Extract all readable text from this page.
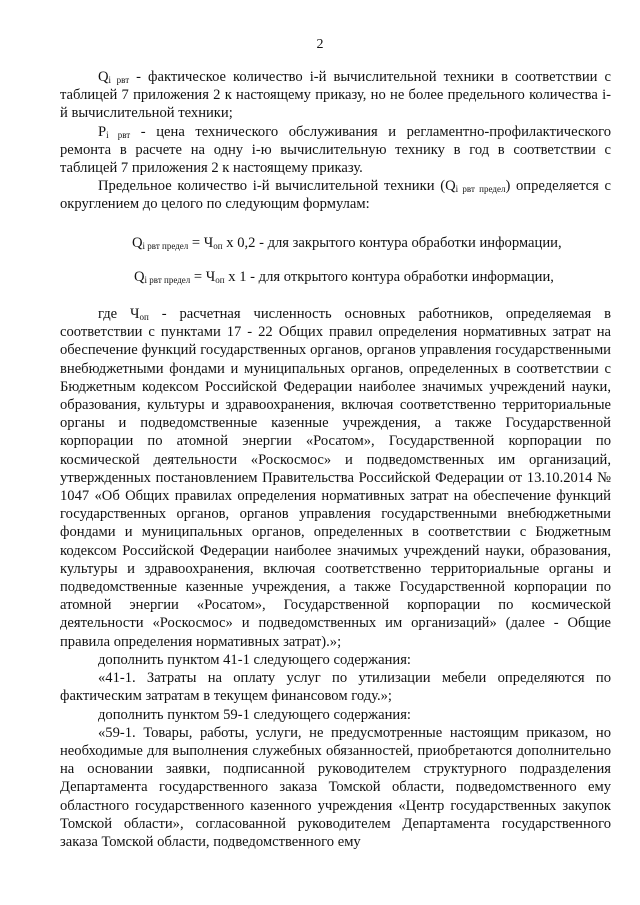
2

$Q_{i рвт}$ - фактическое количество i-й вычислительной техники в соответствии с таблицей 7 приложения 2 к настоящему приказу, но не более предельного количества i-й вычислительной техники;

$P_{i рвт}$ - цена технического обслуживания и регламентно-профилактического ремонта в расчете на одну i-ю вычислительную технику в год в соответствии с таблицей 7 приложения 2 к настоящему приказу.

Предельное количество i-й вычислительной техники $(Q_{i рвт предел})$ определяется с округлением до целого по следующим формулам:

$Q_{i рвт предел} = Ч_{оп}$ x 0,2 - для закрытого контура обработки информации,

$Q_{i рвт предел} = Ч_{оп}$ x 1 - для открытого контура обработки информации,

где $Ч_{оп}$ - расчетная численность основных работников, определяемая в соответствии с пунктами 17 - 22 Общих правил определения нормативных затрат на обеспечение функций государственных органов, органов управления государственными внебюджетными фондами и муниципальных органов, определенных в соответствии с Бюджетным кодексом Российской Федерации наиболее значимых учреждений науки, образования, культуры и здравоохранения, включая соответственно территориальные органы и подведомственные казенные учреждения, а также Государственной корпорации по атомной энергии «Росатом», Государственной корпорации по космической деятельности «Роскосмос» и подведомственных им организаций, утвержденных постановлением Правительства Российской Федерации от 13.10.2014 № 1047 «Об Общих правилах определения нормативных затрат на обеспечение функций государственных органов, органов управления государственными внебюджетными фондами и муниципальных органов, определенных в соответствии с Бюджетным кодексом Российской Федерации наиболее значимых учреждений науки, образования, культуры и здравоохранения, включая соответственно территориальные органы и подведомственные казенные учреждения, а также Государственной корпорации по атомной энергии «Росатом», Государственной корпорации по космической деятельности «Роскосмос» и подведомственных им организаций» (далее - Общие правила определения нормативных затрат).»;

дополнить пунктом 41-1 следующего содержания:

«41-1. Затраты на оплату услуг по утилизации мебели определяются по фактическим затратам в текущем финансовом году.»;

дополнить пунктом 59-1 следующего содержания:

«59-1. Товары, работы, услуги, не предусмотренные настоящим приказом, но необходимые для выполнения служебных обязанностей, приобретаются дополнительно на основании заявки, подписанной руководителем структурного подразделения Департамента государственного заказа Томской области, подведомственного ему областного государственного казенного учреждения «Центр государственных закупок Томской области», согласованной руководителем Департамента государственного заказа Томской области, подведомственного ему
